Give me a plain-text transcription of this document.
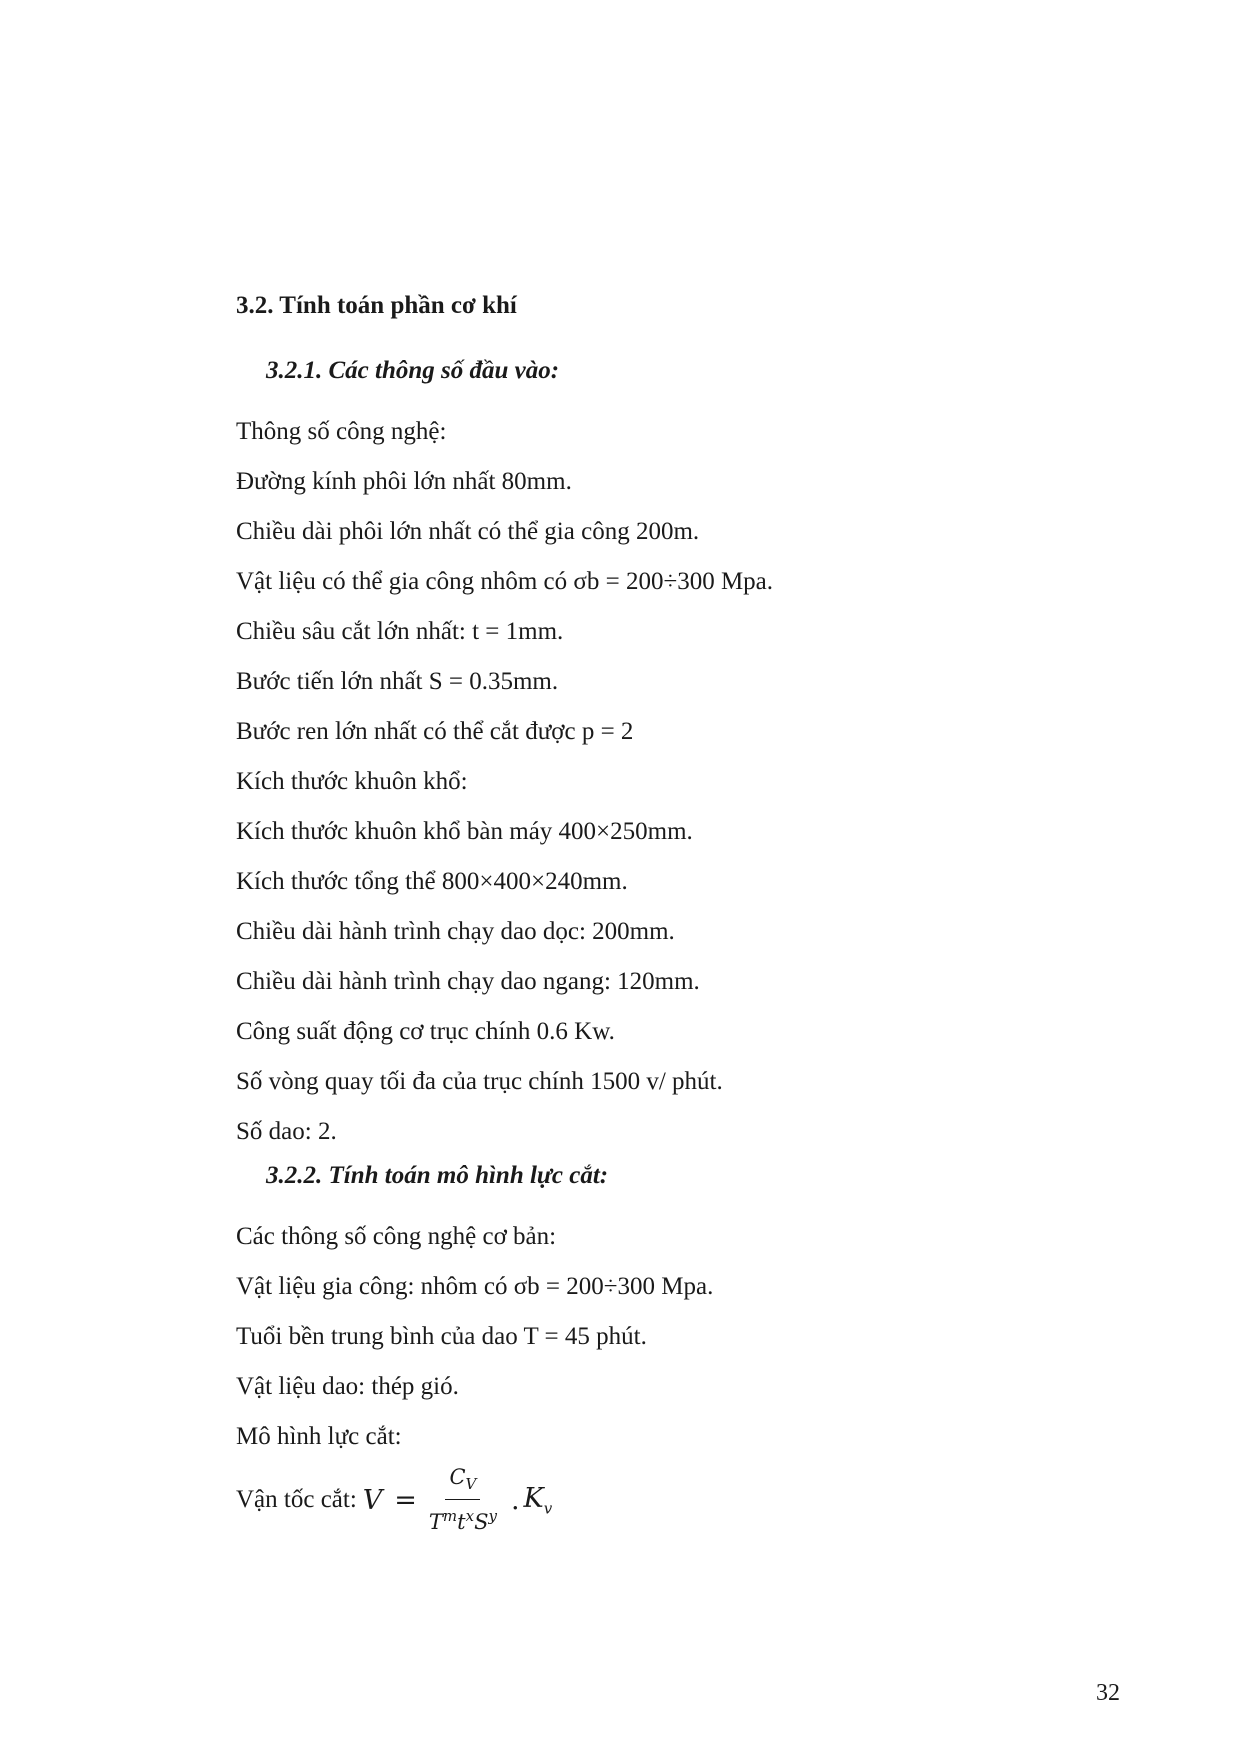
3.2. Tính toán phần cơ khí
3.2.1. Các thông số đầu vào:
Thông số công nghệ:
Đường kính phôi lớn nhất 80mm.
Chiều dài phôi lớn nhất có thể gia công 200m.
Vật liệu có thể gia công nhôm có σb = 200÷300 Mpa.
Chiều sâu cắt lớn nhất: t = 1mm.
Bước tiến lớn nhất S = 0.35mm.
Bước ren lớn nhất có thể cắt được p = 2
Kích thước khuôn khổ:
Kích thước khuôn khổ bàn máy 400×250mm.
Kích thước tổng thể 800×400×240mm.
Chiều dài hành trình chạy dao dọc: 200mm.
Chiều dài hành trình chạy dao ngang: 120mm.
Công suất động cơ trục chính 0.6 Kw.
Số vòng quay tối đa của trục chính 1500 v/ phút.
Số dao: 2.
3.2.2. Tính toán mô hình lực cắt:
Các thông số công nghệ cơ bản:
Vật liệu gia công: nhôm có σb = 200÷300 Mpa.
Tuổi bền trung bình của dao T = 45 phút.
Vật liệu dao: thép gió.
Mô hình lực cắt:
Vận tốc cắt: $V = \frac{C_V}{T^mt^xS^y}$ . $K_v$

32
